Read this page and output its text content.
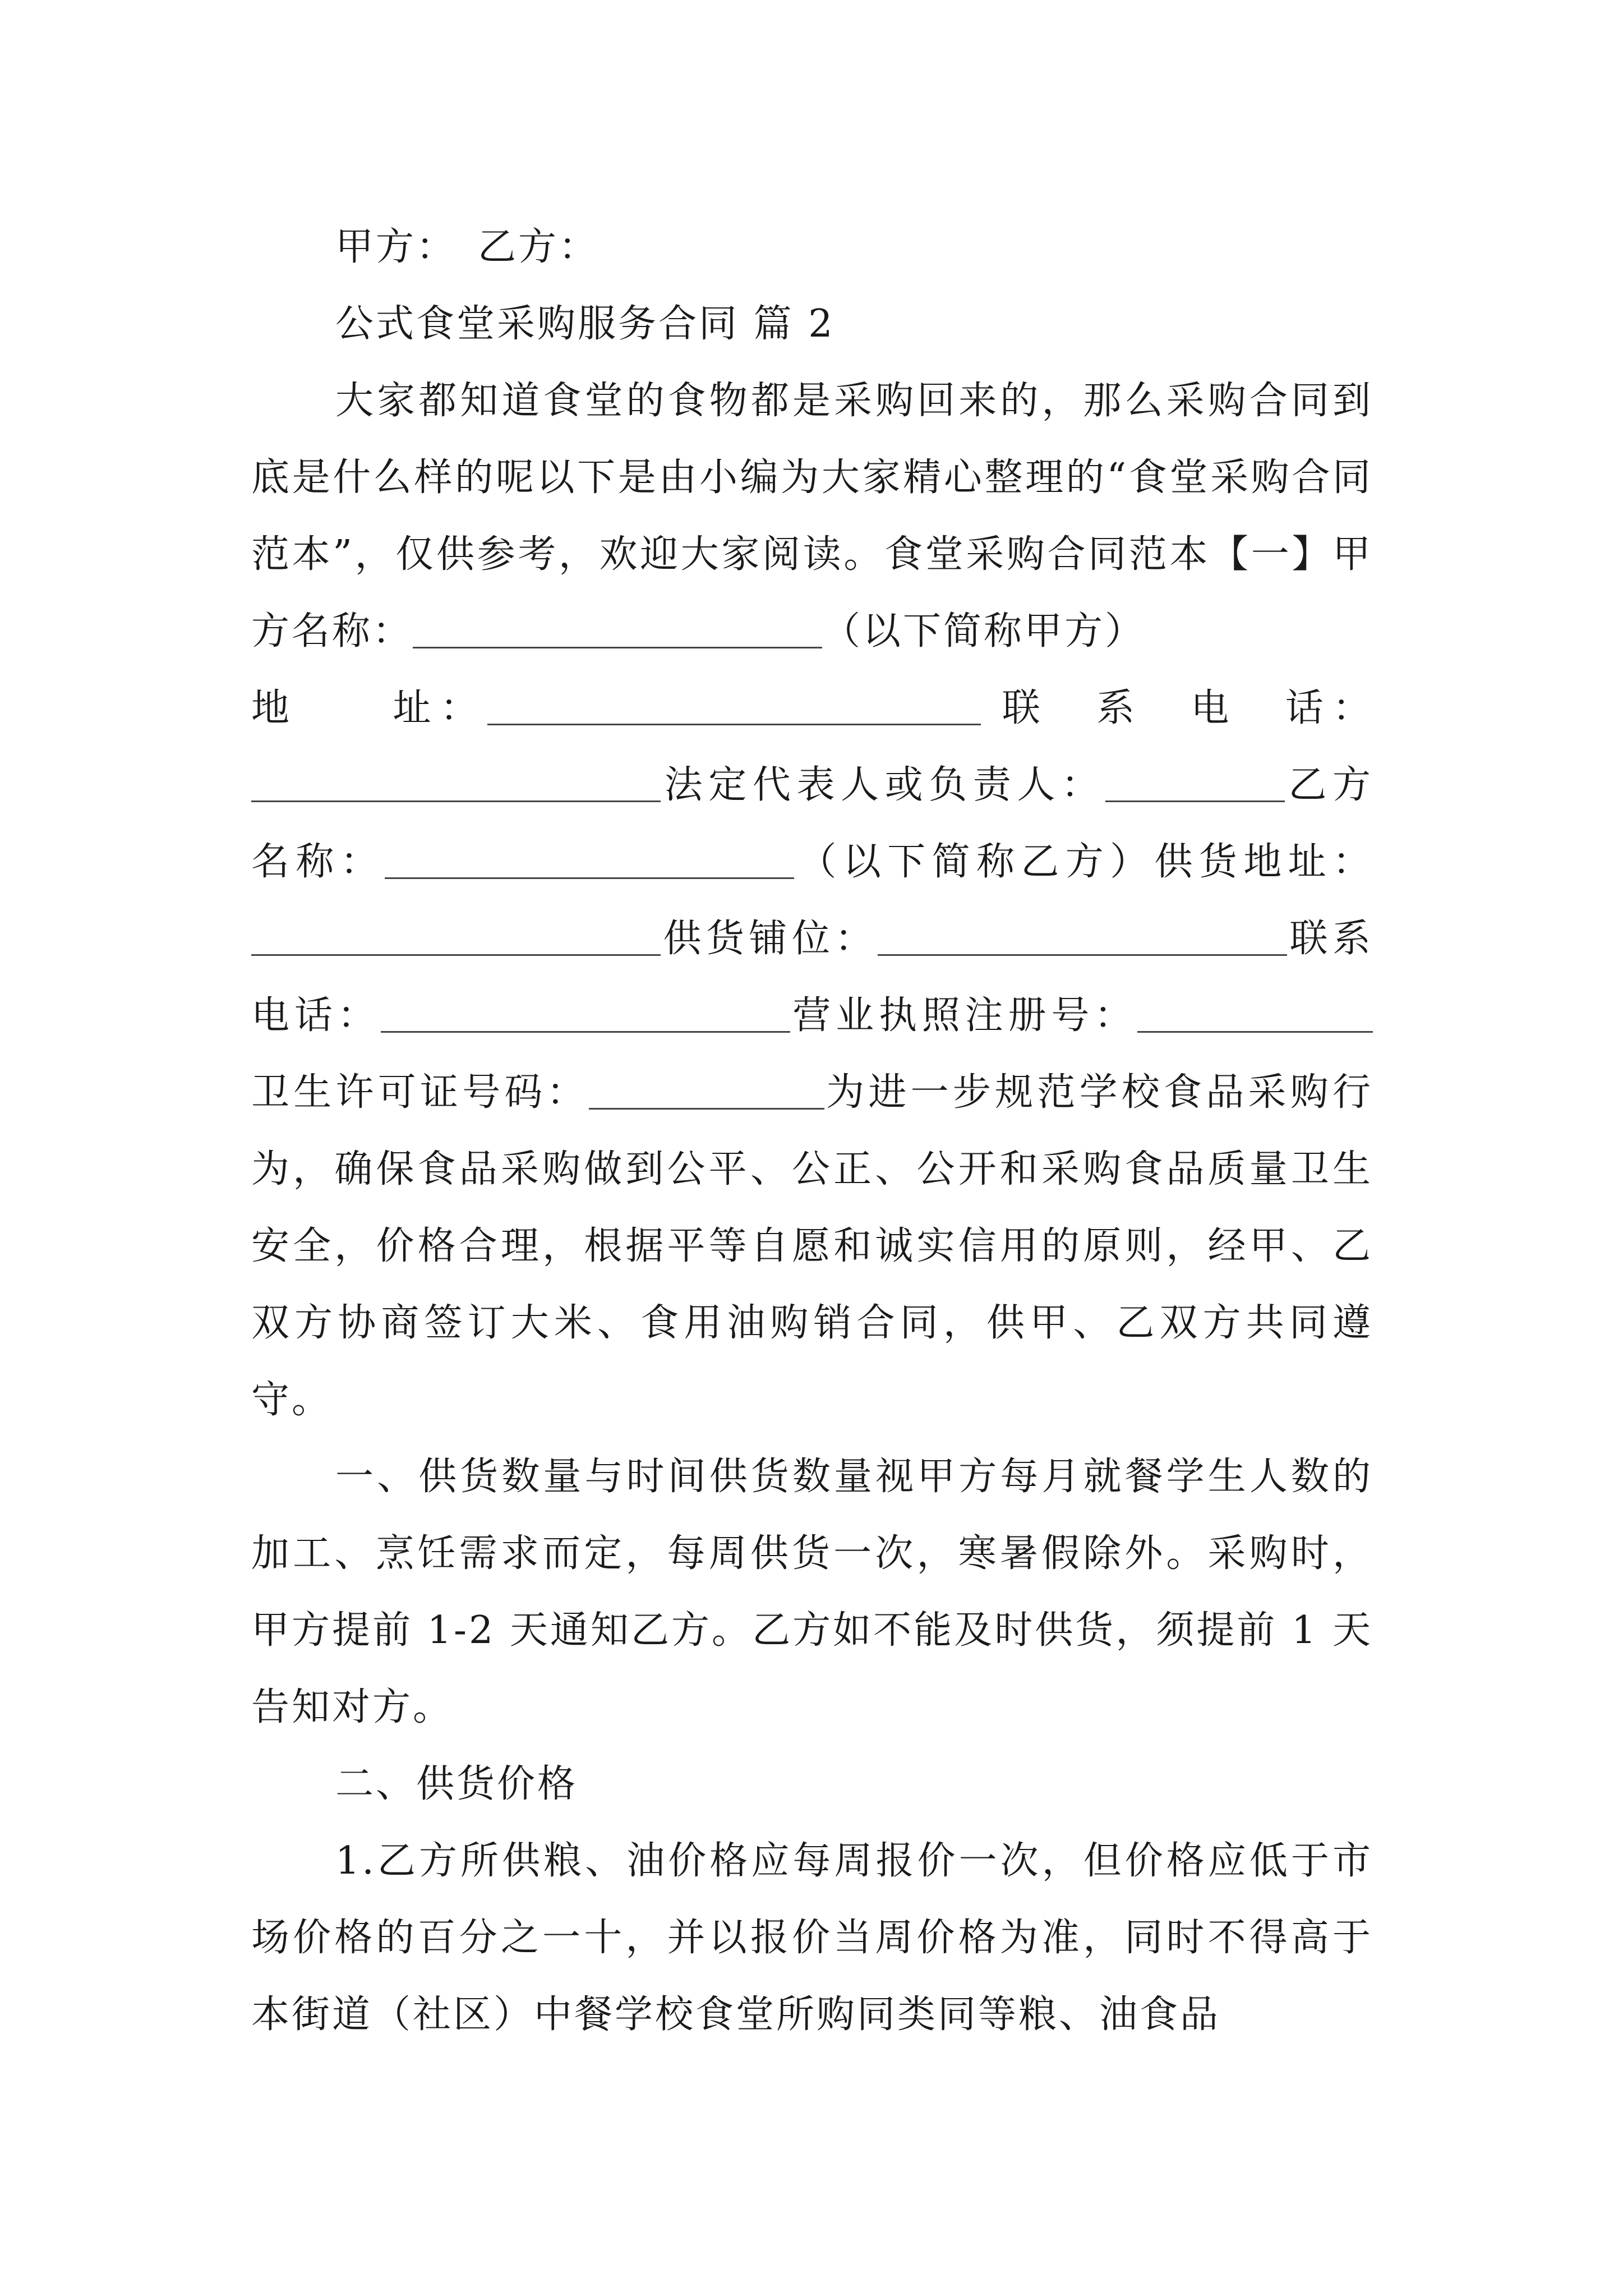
甲方：　乙方：

公式食堂采购服务合同 篇 2

大家都知道食堂的食物都是采购回来的，那么采购合同到底是什么样的呢以下是由小编为大家精心整理的“食堂采购合同范本”，仅供参考，欢迎大家阅读。食堂采购合同范本【一】甲方名称：	（以下简称甲方）

地　　址：	联　系　电　话：

法定代表人或负责人：	乙方

名称：	（以下简称乙方）供货地址：

供货铺位：	联系

电话：	营业执照注册号：

卫生许可证号码：	为进一步规范学校食品采购行为，确保食品采购做到公平、公正、公开和采购食品质量卫生安全，价格合理，根据平等自愿和诚实信用的原则，经甲、乙双方协商签订大米、食用油购销合同，供甲、乙双方共同遵守。

一、供货数量与时间供货数量视甲方每月就餐学生人数的加工、烹饪需求而定，每周供货一次，寒暑假除外。采购时，甲方提前 1-2 天通知乙方。乙方如不能及时供货，须提前 1 天告知对方。

二、供货价格

1.乙方所供粮、油价格应每周报价一次，但价格应低于市场价格的百分之一十，并以报价当周价格为准，同时不得高于本街道（社区）中餐学校食堂所购同类同等粮、油食品
